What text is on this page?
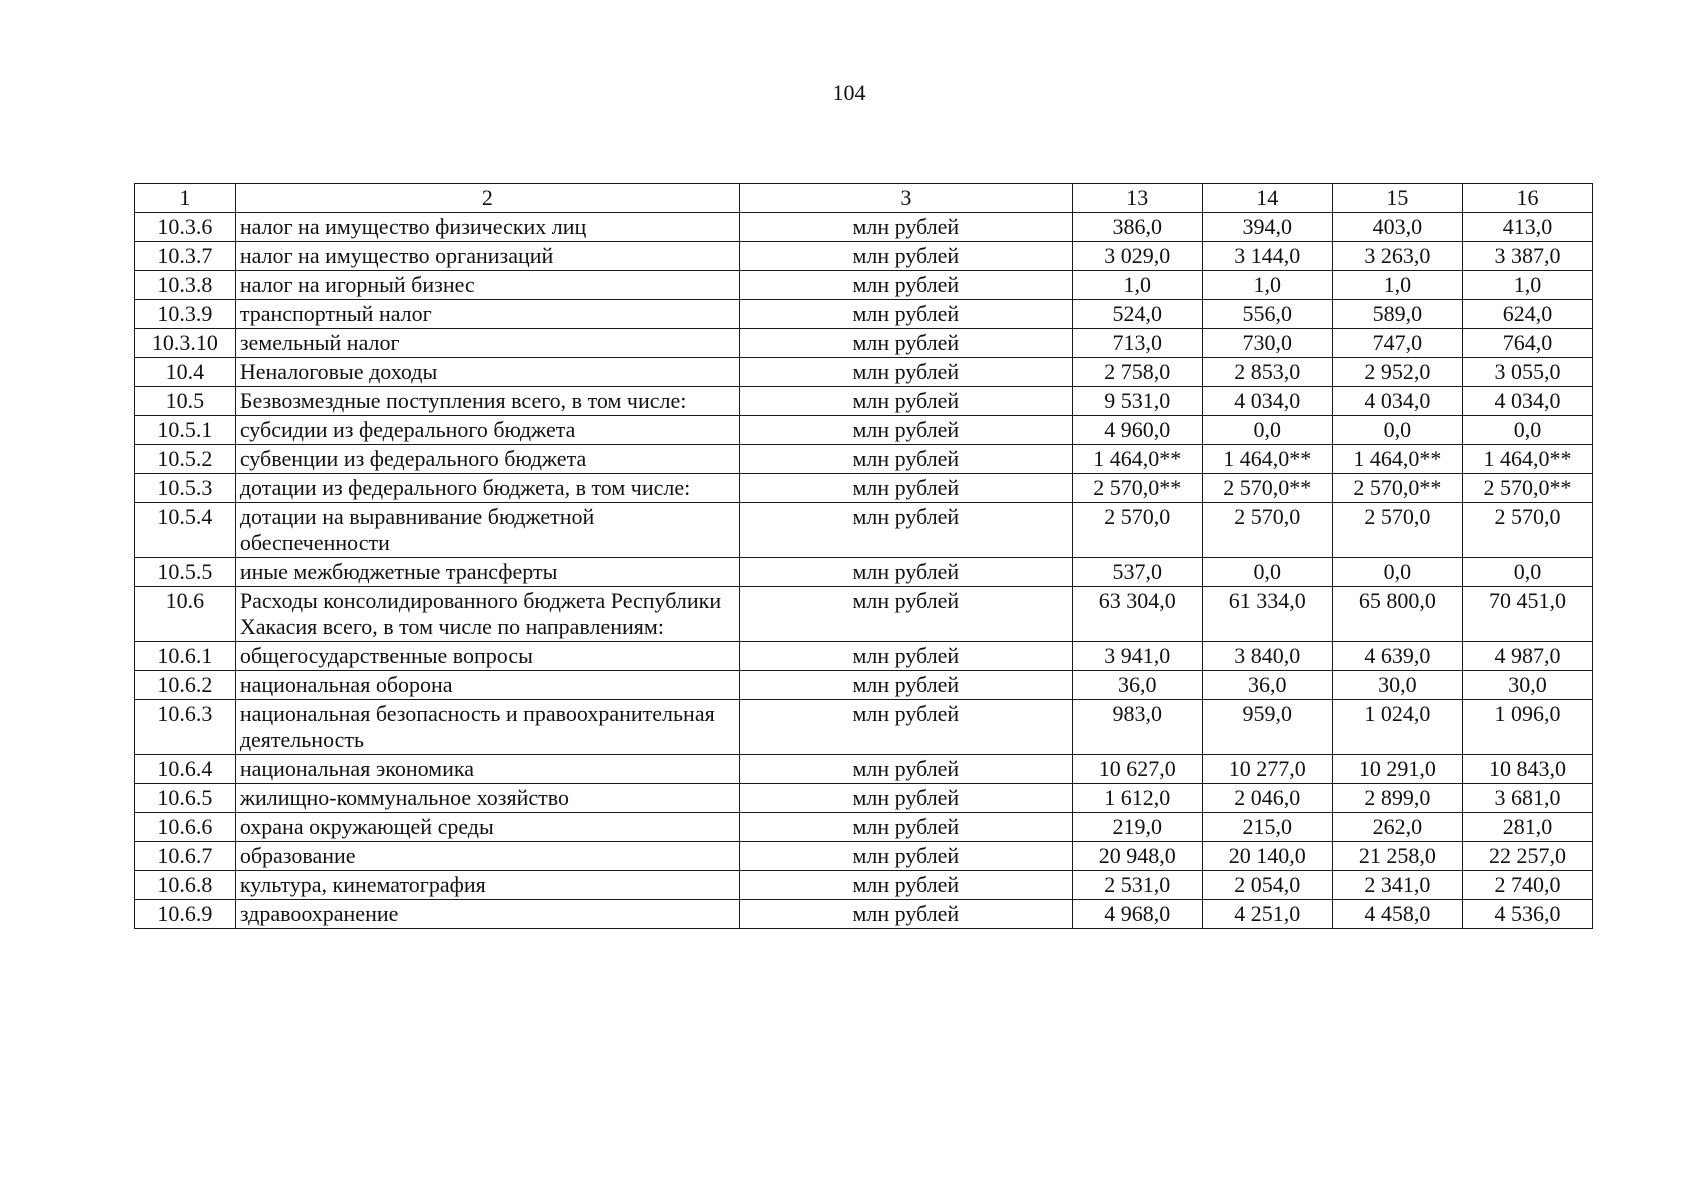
104
1	2	3	13	14	15	16
10.3.6	налог на имущество физических лиц	млн рублей	386,0	394,0	403,0	413,0
10.3.7	налог на имущество организаций	млн рублей	3 029,0	3 144,0	3 263,0	3 387,0
10.3.8	налог на игорный бизнес	млн рублей	1,0	1,0	1,0	1,0
10.3.9	транспортный налог	млн рублей	524,0	556,0	589,0	624,0
10.3.10	земельный налог	млн рублей	713,0	730,0	747,0	764,0
10.4	Неналоговые доходы	млн рублей	2 758,0	2 853,0	2 952,0	3 055,0
10.5	Безвозмездные поступления всего, в том числе:	млн рублей	9 531,0	4 034,0	4 034,0	4 034,0
10.5.1	субсидии из федерального бюджета	млн рублей	4 960,0	0,0	0,0	0,0
10.5.2	субвенции из федерального бюджета	млн рублей	1 464,0**	1 464,0**	1 464,0**	1 464,0**
10.5.3	дотации из федерального бюджета, в том числе:	млн рублей	2 570,0**	2 570,0**	2 570,0**	2 570,0**
10.5.4	дотации на выравнивание бюджетной обеспеченности	млн рублей	2 570,0	2 570,0	2 570,0	2 570,0
10.5.5	иные межбюджетные трансферты	млн рублей	537,0	0,0	0,0	0,0
10.6	Расходы консолидированного бюджета Республики Хакасия всего, в том числе по направлениям:	млн рублей	63 304,0	61 334,0	65 800,0	70 451,0
10.6.1	общегосударственные вопросы	млн рублей	3 941,0	3 840,0	4 639,0	4 987,0
10.6.2	национальная оборона	млн рублей	36,0	36,0	30,0	30,0
10.6.3	национальная безопасность и правоохранительная деятельность	млн рублей	983,0	959,0	1 024,0	1 096,0
10.6.4	национальная экономика	млн рублей	10 627,0	10 277,0	10 291,0	10 843,0
10.6.5	жилищно-коммунальное хозяйство	млн рублей	1 612,0	2 046,0	2 899,0	3 681,0
10.6.6	охрана окружающей среды	млн рублей	219,0	215,0	262,0	281,0
10.6.7	образование	млн рублей	20 948,0	20 140,0	21 258,0	22 257,0
10.6.8	культура, кинематография	млн рублей	2 531,0	2 054,0	2 341,0	2 740,0
10.6.9	здравоохранение	млн рублей	4 968,0	4 251,0	4 458,0	4 536,0
